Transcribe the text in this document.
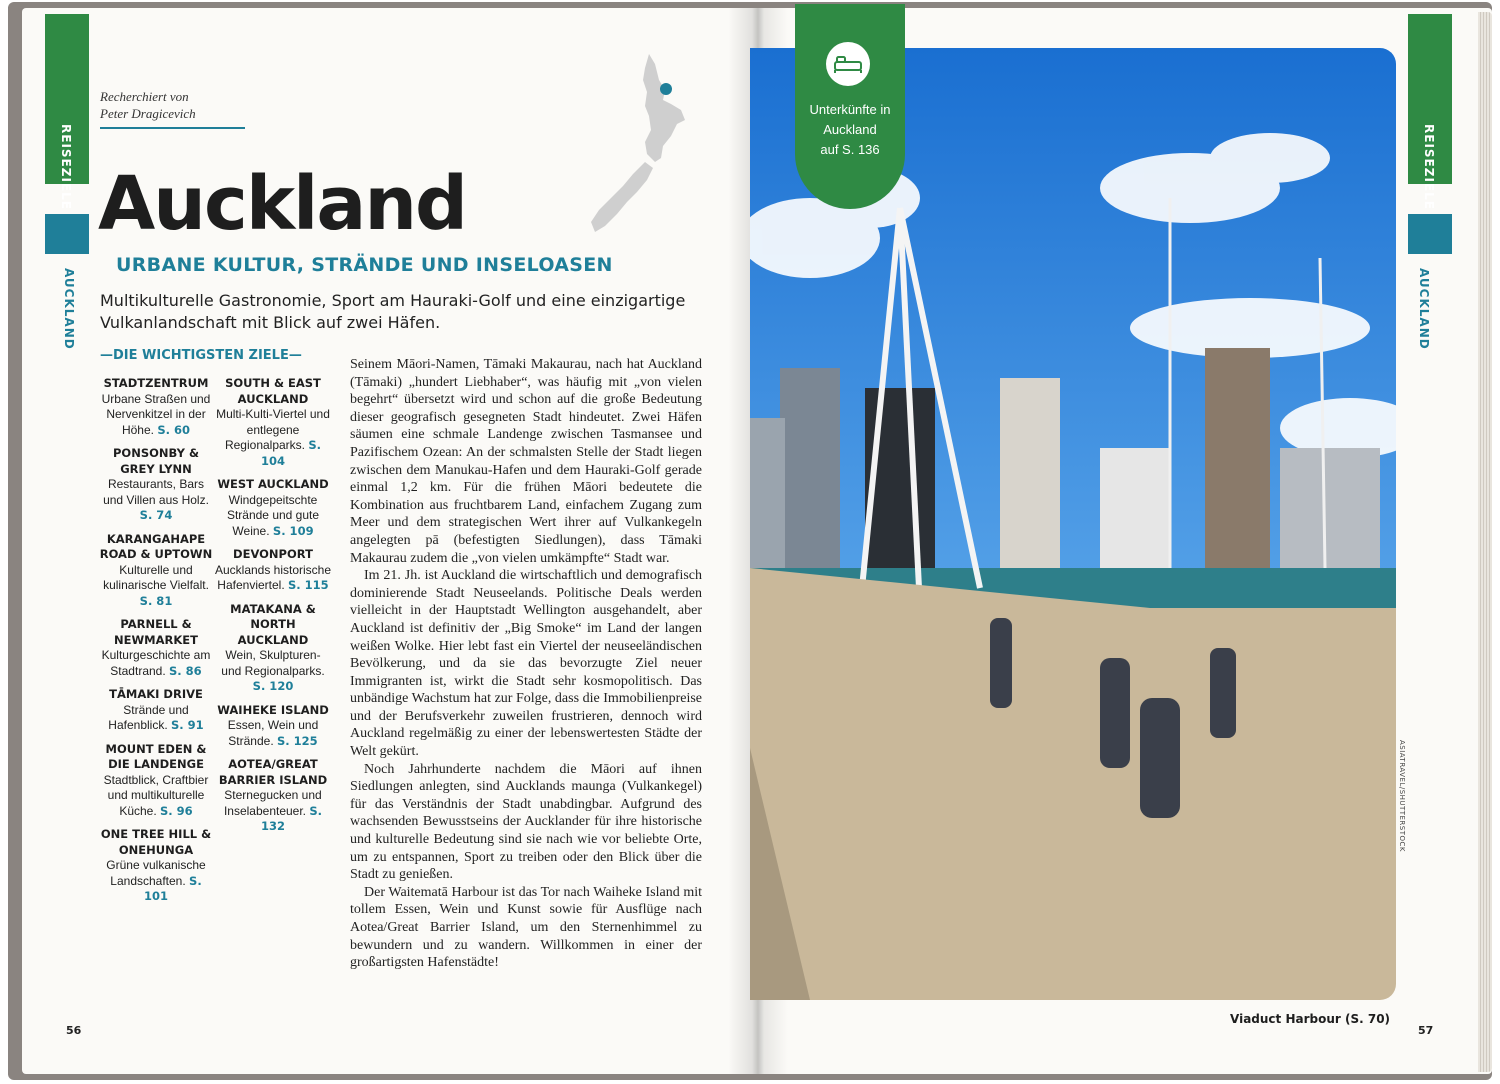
REISEZIELE
AUCKLAND
Recherchiert von
Peter Dragicevich
Auckland
URBANE KULTUR, STRÄNDE UND INSELOASEN
Multikulturelle Gastronomie, Sport am Hauraki-Golf und eine einzigartige Vulkanlandschaft mit Blick auf zwei Häfen.
—DIE WICHTIGSTEN ZIELE—
STADTZENTRUM
Urbane Straßen und Nervenkitzel in der Höhe. S. 60
PONSONBY & GREY LYNN
Restaurants, Bars und Villen aus Holz. S. 74
KARANGAHAPE ROAD & UPTOWN
Kulturelle und kulinarische Vielfalt. S. 81
PARNELL & NEWMARKET
Kulturgeschichte am Stadtrand. S. 86
TĀMAKI DRIVE
Strände und Hafenblick. S. 91
MOUNT EDEN & DIE LANDENGE
Stadtblick, Craftbier und multikulturelle Küche. S. 96
ONE TREE HILL & ONEHUNGA
Grüne vulkanische Landschaften. S. 101
SOUTH & EAST AUCKLAND
Multi-Kulti-Viertel und entlegene Regionalparks. S. 104
WEST AUCKLAND
Windgepeitschte Strände und gute Weine. S. 109
DEVONPORT
Aucklands historische Hafenviertel. S. 115
MATAKANA & NORTH AUCKLAND
Wein, Skulpturen- und Regionalparks. S. 120
WAIHEKE ISLAND
Essen, Wein und Strände. S. 125
AOTEA/GREAT BARRIER ISLAND
Sternegucken und Inselabenteuer. S. 132

Seinem Māori-Namen, Tāmaki Makaurau, nach hat Auckland (Tāmaki) „hundert Liebhaber“, was häufig mit „von vielen begehrt“ übersetzt wird und schon auf die große Bedeutung dieser geografisch gesegneten Stadt hindeutet. Zwei Häfen säumen eine schmale Landenge zwischen Tasmansee und Pazifischem Ozean: An der schmalsten Stelle der Stadt liegen zwischen dem Manukau-Hafen und dem Hauraki-Golf gerade einmal 1,2 km. Für die frühen Māori bedeutete die Kombination aus fruchtbarem Land, einfachem Zugang zum Meer und dem strategischen Wert ihrer auf Vulkankegeln angelegten pā (befestigten Siedlungen), dass Tāmaki Makaurau zudem die „von vielen umkämpfte“ Stadt war.

Im 21. Jh. ist Auckland die wirtschaftlich und demografisch dominierende Stadt Neuseelands. Politische Deals werden vielleicht in der Hauptstadt Wellington ausgehandelt, aber Auckland ist definitiv der „Big Smoke“ im Land der langen weißen Wolke. Hier lebt fast ein Viertel der neuseeländischen Bevölkerung, und da sie das bevorzugte Ziel neuer Immigranten ist, wirkt die Stadt sehr kosmopolitisch. Das unbändige Wachstum hat zur Folge, dass die Immobilienpreise und der Berufsverkehr zuweilen frustrieren, dennoch wird Auckland regelmäßig zu einer der lebenswertesten Städte der Welt gekürt.

Noch Jahrhunderte nachdem die Māori auf ihnen Siedlungen anlegten, sind Aucklands maunga (Vulkankegel) für das Verständnis der Stadt unabdingbar. Aufgrund des wachsenden Bewusstseins der Aucklander für ihre historische und kulturelle Bedeutung sind sie nach wie vor beliebte Orte, um zu entspannen, Sport zu treiben oder den Blick über die Stadt zu genießen.

Der Waitematā Harbour ist das Tor nach Waiheke Island mit tollem Essen, Wein und Kunst sowie für Ausflüge nach Aotea/Great Barrier Island, um den Sternenhimmel zu bewundern und zu wandern. Willkommen in einer der großartigsten Hafenstädte!

56
Unterkünfte in
Auckland
auf S. 136	REISEZIELE
AUCKLAND
ASIATRAVEL/SHUTTERSTOCK
Viaduct Harbour (S. 70)
57
